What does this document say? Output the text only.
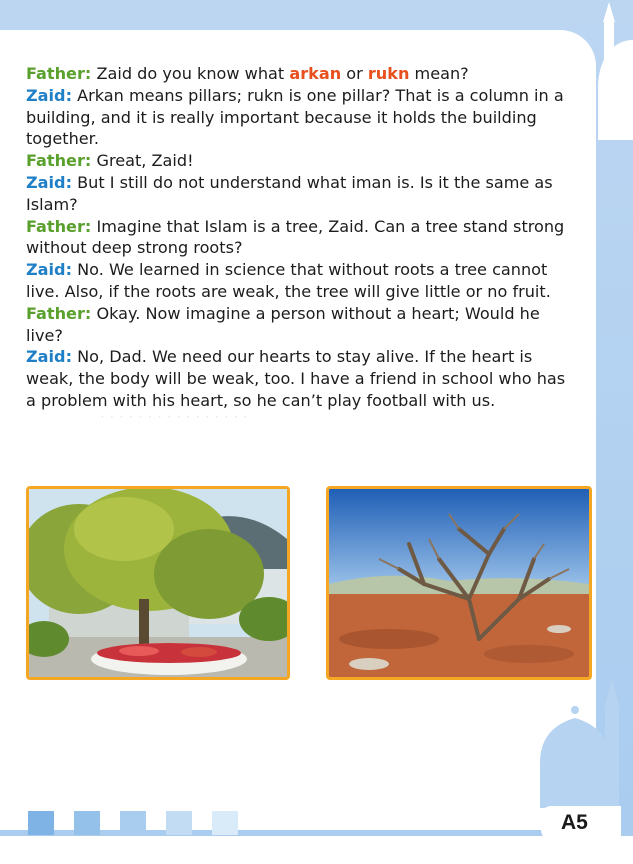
· · · · · · · · · · · · · · · ·

Father: Zaid do you know what arkan or rukn mean?

Zaid: Arkan means pillars; rukn is one pillar? That is a column in a building, and it is really important because it holds the building together.

Father: Great, Zaid!

Zaid: But I still do not understand what iman is. Is it the same as Islam?

Father: Imagine that Islam is a tree, Zaid. Can a tree stand strong without deep strong roots?

Zaid: No. We learned in science that without roots a tree cannot live. Also, if the roots are weak, the tree will give little or no fruit.

Father: Okay. Now imagine a person without a heart; Would he live?

Zaid: No, Dad. We need our hearts to stay alive. If the heart is weak, the body will be weak, too. I have a friend in school who has a problem with his heart, so he can’t play football with us.

A5
